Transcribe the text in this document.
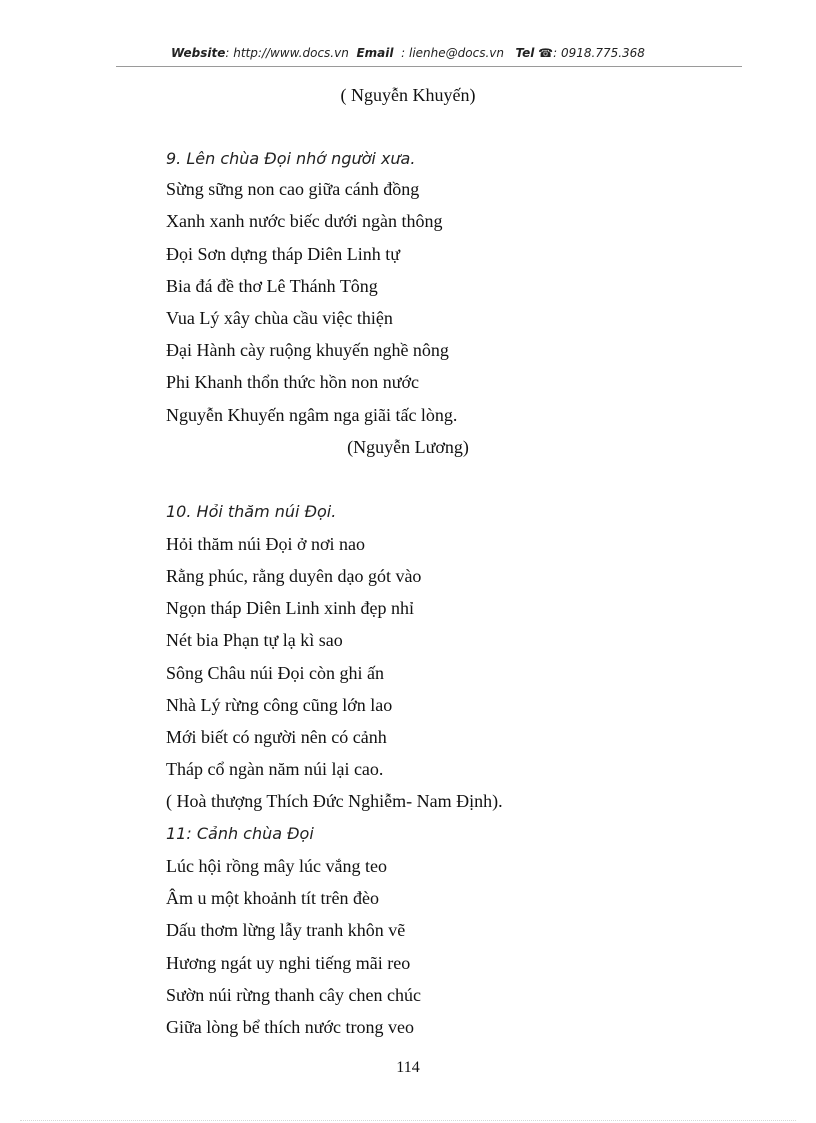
Website: http://www.docs.vn Email : lienhe@docs.vn Tel ☎: 0918.775.368
( Nguyễn Khuyến)
9. Lên chùa Đọi nhớ người xưa.
Sừng sững non cao giữa cánh đồng
Xanh xanh nước biếc dưới ngàn thông
Đọi Sơn dựng tháp Diên Linh tự
Bia đá đề thơ Lê Thánh Tông
Vua Lý xây chùa cầu việc thiện
Đại Hành cày ruộng khuyến nghề nông
Phi Khanh thổn thức hồn non nước
Nguyễn Khuyến ngâm nga giãi tấc lòng.
(Nguyễn Lương)
10. Hỏi thăm núi Đọi.
Hỏi thăm núi Đọi ở nơi nao
Rằng phúc, rằng duyên dạo gót vào
Ngọn tháp Diên Linh xinh đẹp nhỉ
Nét bia Phạn tự lạ kì sao
Sông Châu núi Đọi còn ghi ấn
Nhà Lý rừng công cũng lớn lao
Mới biết có người nên có cảnh
Tháp cổ ngàn năm núi lại cao.
( Hoà thượng Thích Đức Nghiễm- Nam Định).
11: Cảnh chùa Đọi
Lúc hội rồng mây lúc vắng teo
Âm u một khoảnh tít trên đèo
Dấu thơm lừng lẫy tranh khôn vẽ
Hương ngát uy nghi tiếng mãi reo
Sườn núi rừng thanh cây chen chúc
Giữa lòng bể thích nước trong veo
114
